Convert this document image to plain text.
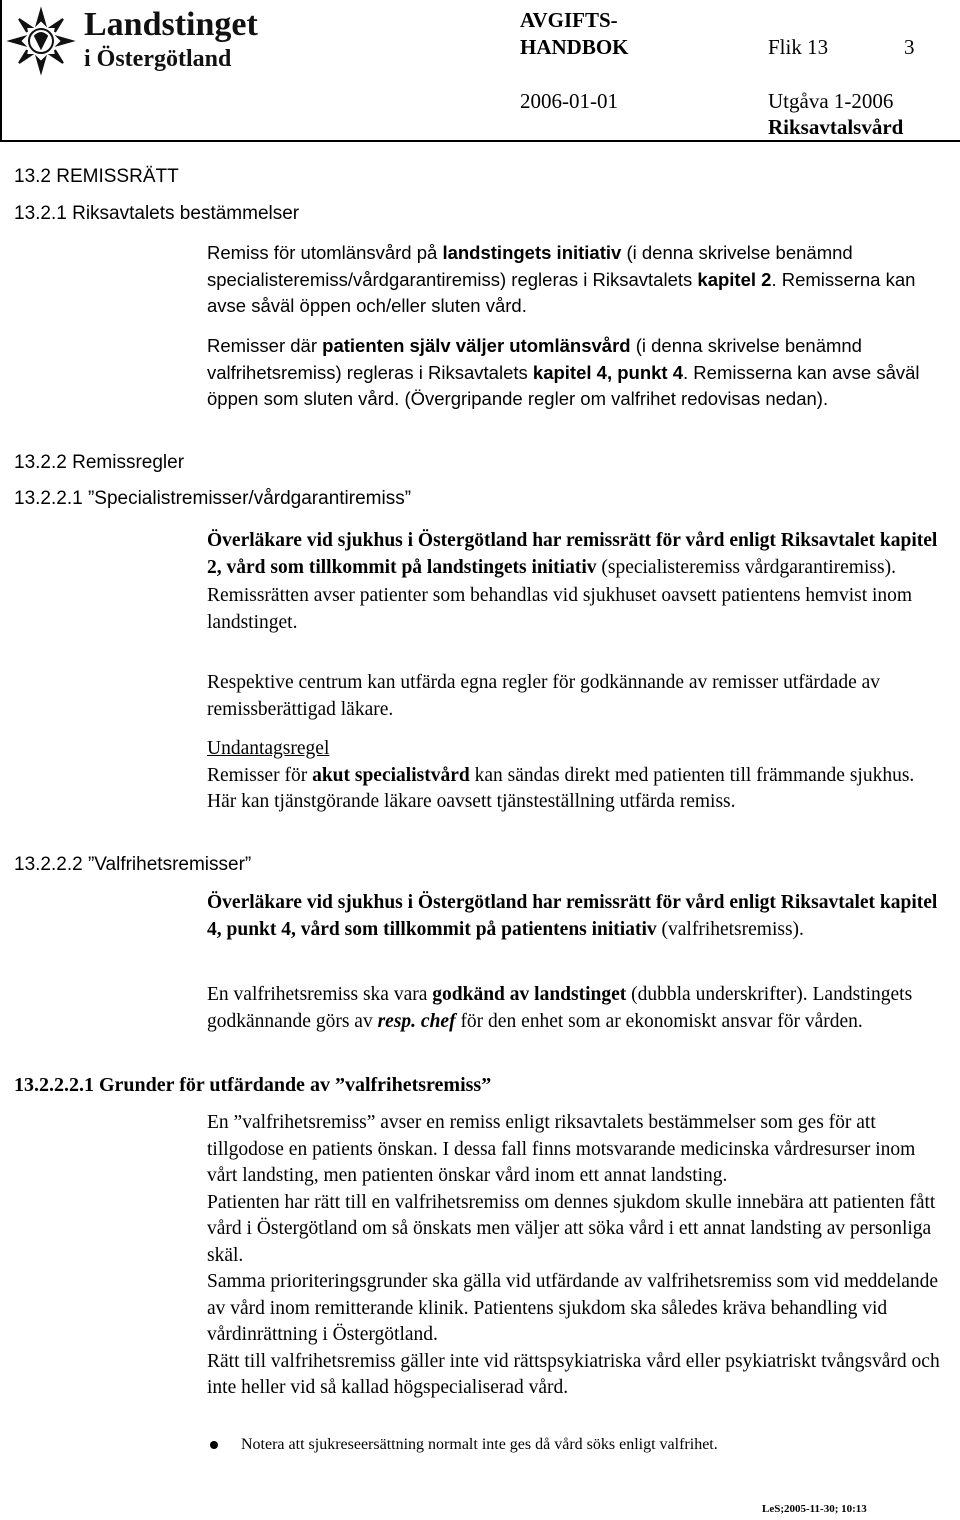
Landstinget
i Östergötland
AVGIFTS-
HANDBOK	Flik 13	3
2006-01-01	Utgåva 1-2006
Riksavtalsvård
13.2 REMISSRÄTT
13.2.1 Riksavtalets bestämmelser
13.2.2 Remissregler
13.2.2.1 ”Specialistremisser/vårdgarantiremiss”
13.2.2.2 ”Valfrihetsremisser”
13.2.2.2.1 Grunder för utfärdande av ”valfrihetsremiss”

Remiss för utomlänsvård på landstingets initiativ (i denna skrivelse benämnd specialisteremiss/vårdgarantiremiss) regleras i Riksavtalets kapitel 2. Remisserna kan avse såväl öppen och/eller sluten vård.

Remisser där patienten själv väljer utomlänsvård (i denna skrivelse benämnd valfrihetsremiss) regleras i Riksavtalets kapitel 4, punkt 4. Remisserna kan avse såväl öppen som sluten vård. (Övergripande regler om valfrihet redovisas nedan).

Överläkare vid sjukhus i Östergötland har remissrätt för vård enligt Riksavtalet kapitel 2, vård som tillkommit på landstingets initiativ (specialisteremiss vårdgarantiremiss).

Remissrätten avser patienter som behandlas vid sjukhuset oavsett patientens hemvist inom landstinget.

Respektive centrum kan utfärda egna regler för godkännande av remisser utfärdade av remissberättigad läkare.

Undantagsregel

Remisser för akut specialistvård kan sändas direkt med patienten till främmande sjukhus. Här kan tjänstgörande läkare oavsett tjänsteställning utfärda remiss.

Överläkare vid sjukhus i Östergötland har remissrätt för vård enligt Riksavtalet kapitel 4, punkt 4, vård som tillkommit på patientens initiativ (valfrihetsremiss).

En valfrihetsremiss ska vara godkänd av landstinget (dubbla underskrifter). Landstingets godkännande görs av resp. chef för den enhet som ar ekonomiskt ansvar för vården.

En ”valfrihetsremiss” avser en remiss enligt riksavtalets bestämmelser som ges för att tillgodose en patients önskan. I dessa fall finns motsvarande medicinska vårdresurser inom vårt landsting, men patienten önskar vård inom ett annat landsting.

Patienten har rätt till en valfrihetsremiss om dennes sjukdom skulle innebära att patienten fått vård i Östergötland om så önskats men väljer att söka vård i ett annat landsting av personliga skäl.

Samma prioriteringsgrunder ska gälla vid utfärdande av valfrihetsremiss som vid meddelande av vård inom remitterande klinik. Patientens sjukdom ska således kräva behandling vid vårdinrättning i Östergötland.

Rätt till valfrihetsremiss gäller inte vid rättspsykiatriska vård eller psykiatriskt tvångsvård och inte heller vid så kallad högspecialiserad vård.

Notera att sjukreseersättning normalt inte ges då vård söks enligt valfrihet.
LeS;2005-11-30; 10:13
